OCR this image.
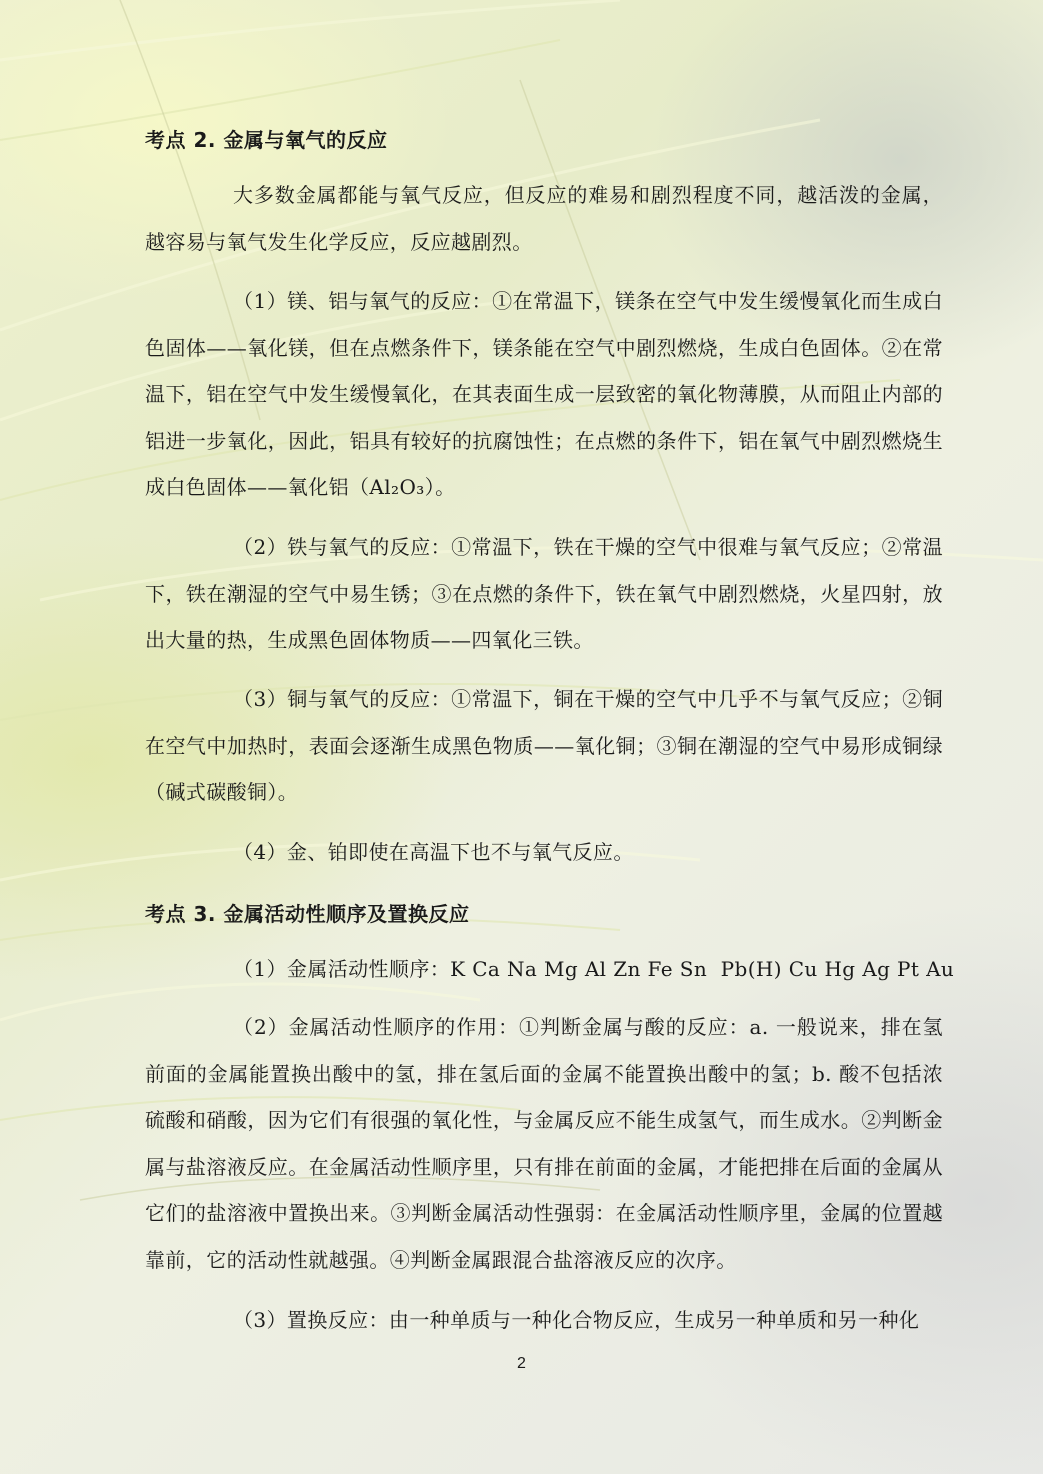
考点 2. 金属与氧气的反应

大多数金属都能与氧气反应，但反应的难易和剧烈程度不同，越活泼的金属，越容易与氧气发生化学反应，反应越剧烈。

（1）镁、铝与氧气的反应：①在常温下，镁条在空气中发生缓慢氧化而生成白色固体——氧化镁，但在点燃条件下，镁条能在空气中剧烈燃烧，生成白色固体。②在常温下，铝在空气中发生缓慢氧化，在其表面生成一层致密的氧化物薄膜，从而阻止内部的铝进一步氧化，因此，铝具有较好的抗腐蚀性；在点燃的条件下，铝在氧气中剧烈燃烧生成白色固体——氧化铝（Al₂O₃）。

（2）铁与氧气的反应：①常温下，铁在干燥的空气中很难与氧气反应；②常温下，铁在潮湿的空气中易生锈；③在点燃的条件下，铁在氧气中剧烈燃烧，火星四射，放出大量的热，生成黑色固体物质——四氧化三铁。

（3）铜与氧气的反应：①常温下，铜在干燥的空气中几乎不与氧气反应；②铜在空气中加热时，表面会逐渐生成黑色物质——氧化铜；③铜在潮湿的空气中易形成铜绿（碱式碳酸铜）。

（4）金、铂即使在高温下也不与氧气反应。

考点 3. 金属活动性顺序及置换反应

（1）金属活动性顺序：K Ca Na Mg Al Zn Fe Sn  Pb(H) Cu Hg Ag Pt Au

（2）金属活动性顺序的作用：①判断金属与酸的反应：a. 一般说来，排在氢前面的金属能置换出酸中的氢，排在氢后面的金属不能置换出酸中的氢；b. 酸不包括浓硫酸和硝酸，因为它们有很强的氧化性，与金属反应不能生成氢气，而生成水。②判断金属与盐溶液反应。在金属活动性顺序里，只有排在前面的金属，才能把排在后面的金属从它们的盐溶液中置换出来。③判断金属活动性强弱：在金属活动性顺序里，金属的位置越靠前，它的活动性就越强。④判断金属跟混合盐溶液反应的次序。

（3）置换反应：由一种单质与一种化合物反应，生成另一种单质和另一种化

2
